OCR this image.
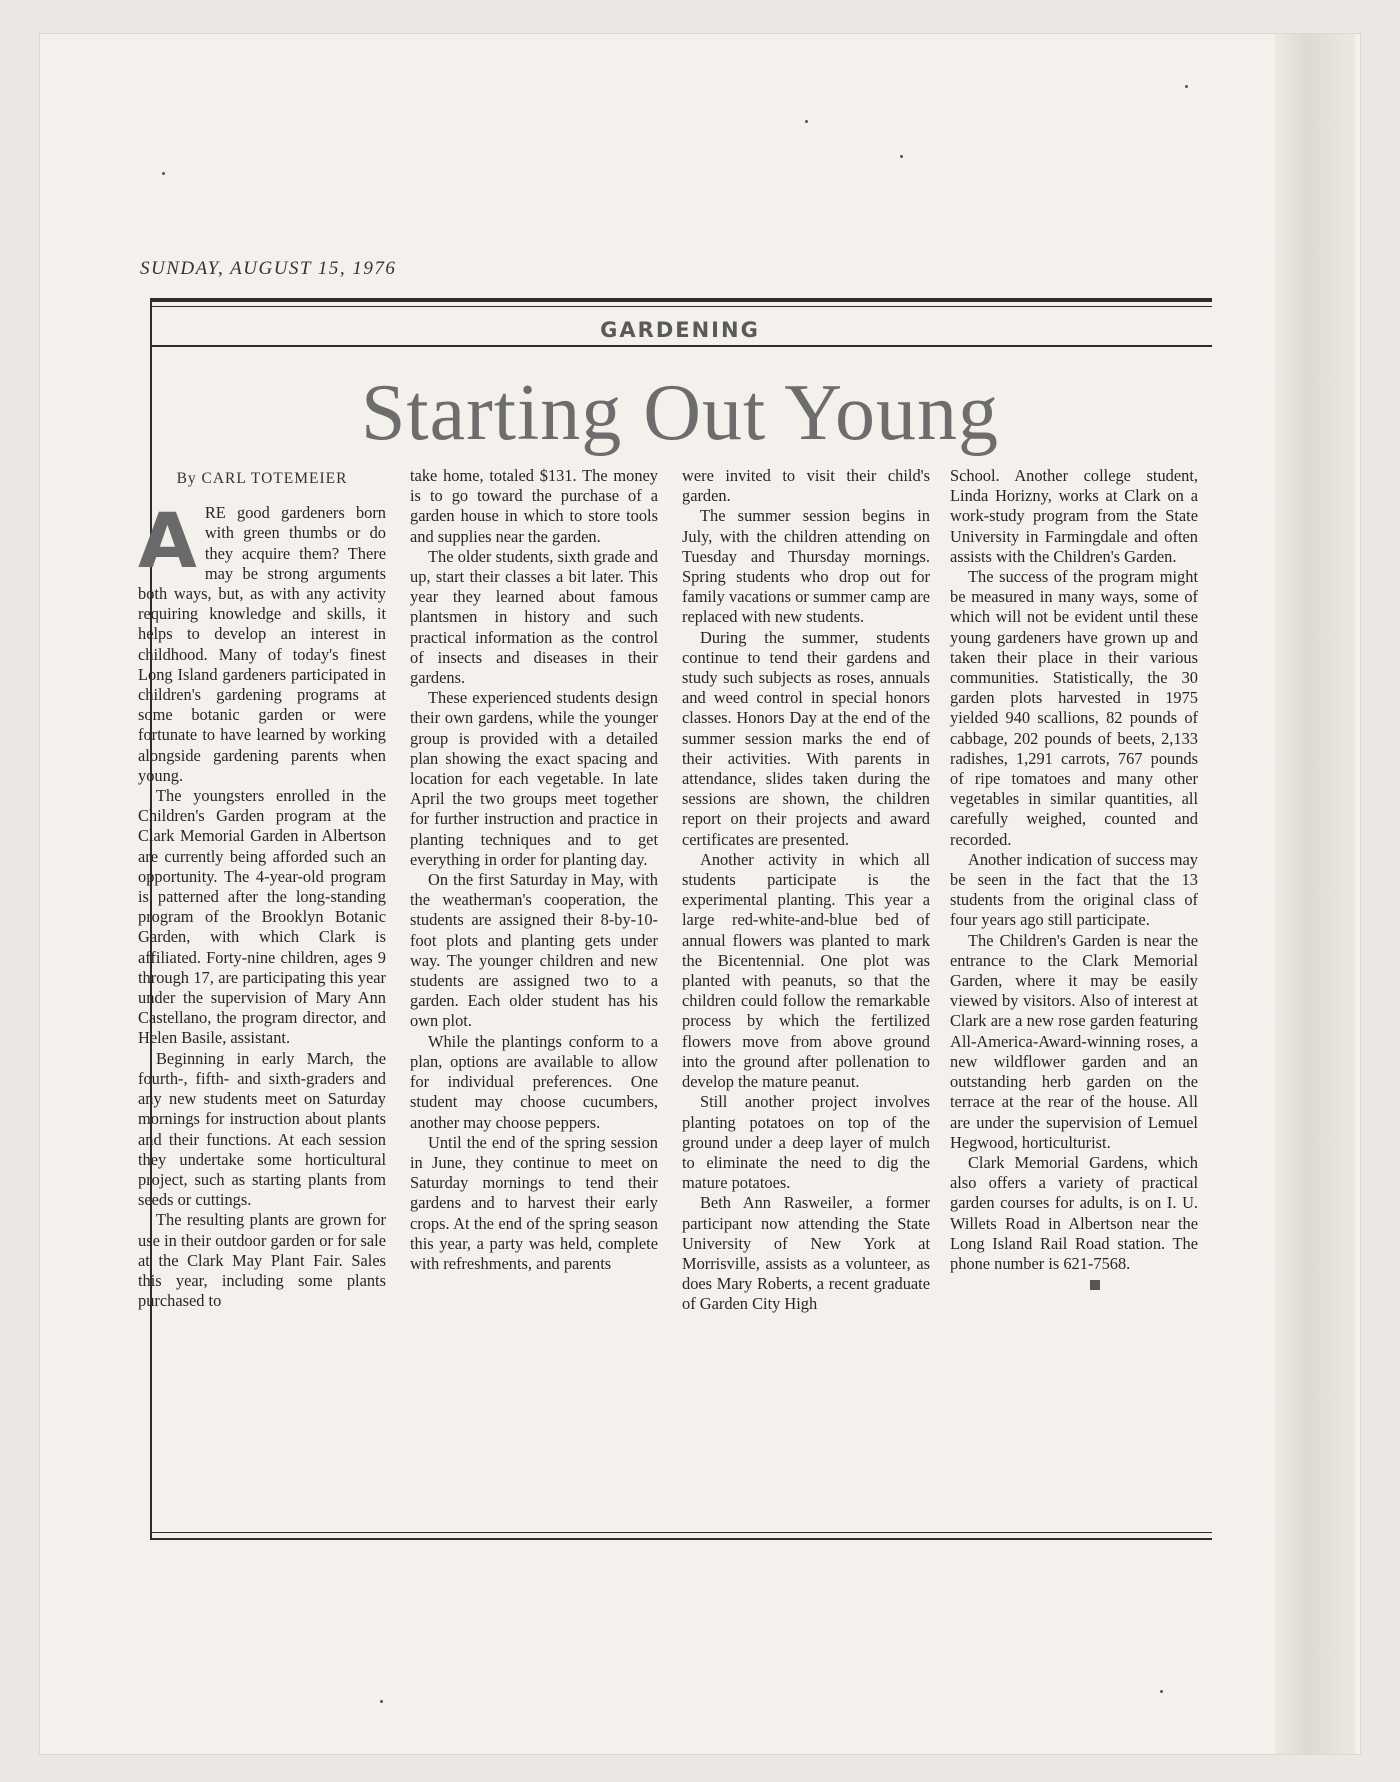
SUNDAY, AUGUST 15, 1976
GARDENING
Starting Out Young
By CARL TOTEMEIER
A RE good gardeners born with green thumbs or do they acquire them? There may be strong arguments both ways, but, as with any activity requiring knowledge and skills, it helps to develop an interest in childhood. Many of today's finest Long Island gardeners participated in children's gardening programs at some botanic garden or were fortunate to have learned by working alongside gardening parents when young.

The youngsters enrolled in the Children's Garden program at the Clark Memorial Garden in Albertson are currently being afforded such an opportunity. The 4-year-old program is patterned after the long-standing program of the Brooklyn Botanic Garden, with which Clark is affiliated. Forty-nine children, ages 9 through 17, are participating this year under the supervision of Mary Ann Castellano, the program director, and Helen Basile, assistant.

Beginning in early March, the fourth-, fifth- and sixth-graders and any new students meet on Saturday mornings for instruction about plants and their functions. At each session they undertake some horticultural project, such as starting plants from seeds or cuttings.

The resulting plants are grown for use in their outdoor garden or for sale at the Clark May Plant Fair. Sales this year, including some plants purchased to

take home, totaled $131. The money is to go toward the purchase of a garden house in which to store tools and supplies near the garden.

The older students, sixth grade and up, start their classes a bit later. This year they learned about famous plantsmen in history and such practical information as the control of insects and diseases in their gardens.

These experienced students design their own gardens, while the younger group is provided with a detailed plan showing the exact spacing and location for each vegetable. In late April the two groups meet together for further instruction and practice in planting techniques and to get everything in order for planting day.

On the first Saturday in May, with the weatherman's cooperation, the students are assigned their 8-by-10-foot plots and planting gets under way. The younger children and new students are assigned two to a garden. Each older student has his own plot.

While the plantings conform to a plan, options are available to allow for individual preferences. One student may choose cucumbers, another may choose peppers.

Until the end of the spring session in June, they continue to meet on Saturday mornings to tend their gardens and to harvest their early crops. At the end of the spring season this year, a party was held, complete with refreshments, and parents

were invited to visit their child's garden.

The summer session begins in July, with the children attending on Tuesday and Thursday mornings. Spring students who drop out for family vacations or summer camp are replaced with new students.

During the summer, students continue to tend their gardens and study such subjects as roses, annuals and weed control in special honors classes. Honors Day at the end of the summer session marks the end of their activities. With parents in attendance, slides taken during the sessions are shown, the children report on their projects and award certificates are presented.

Another activity in which all students participate is the experimental planting. This year a large red-white-and-blue bed of annual flowers was planted to mark the Bicentennial. One plot was planted with peanuts, so that the children could follow the remarkable process by which the fertilized flowers move from above ground into the ground after pollenation to develop the mature peanut.

Still another project involves planting potatoes on top of the ground under a deep layer of mulch to eliminate the need to dig the mature potatoes.

Beth Ann Rasweiler, a former participant now attending the State University of New York at Morrisville, assists as a volunteer, as does Mary Roberts, a recent graduate of Garden City High

School. Another college student, Linda Horizny, works at Clark on a work-study program from the State University in Farmingdale and often assists with the Children's Garden.

The success of the program might be measured in many ways, some of which will not be evident until these young gardeners have grown up and taken their place in their various communities. Statistically, the 30 garden plots harvested in 1975 yielded 940 scallions, 82 pounds of cabbage, 202 pounds of beets, 2,133 radishes, 1,291 carrots, 767 pounds of ripe tomatoes and many other vegetables in similar quantities, all carefully weighed, counted and recorded.

Another indication of success may be seen in the fact that the 13 students from the original class of four years ago still participate.

The Children's Garden is near the entrance to the Clark Memorial Garden, where it may be easily viewed by visitors. Also of interest at Clark are a new rose garden featuring All-America-Award-winning roses, a new wildflower garden and an outstanding herb garden on the terrace at the rear of the house. All are under the supervision of Lemuel Hegwood, horticulturist.

Clark Memorial Gardens, which also offers a variety of practical garden courses for adults, is on I. U. Willets Road in Albertson near the Long Island Rail Road station. The phone number is 621-7568.
